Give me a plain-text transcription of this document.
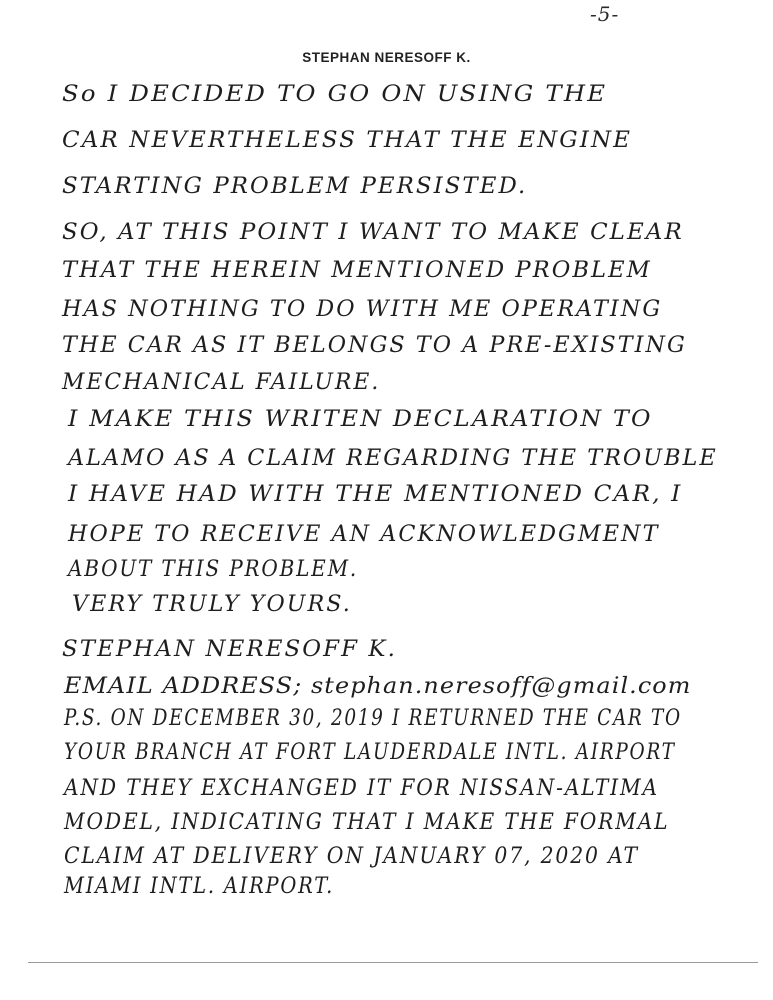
-5-
STEPHAN NERESOFF K.
So I DECIDED TO GO ON USING THE
CAR NEVERTHELESS THAT THE ENGINE
STARTING PROBLEM PERSISTED.
SO, AT THIS POINT I WANT TO MAKE CLEAR
THAT THE HEREIN MENTIONED PROBLEM
HAS NOTHING TO DO WITH ME OPERATING
THE CAR AS IT BELONGS TO A PRE-EXISTING
MECHANICAL FAILURE.
I MAKE THIS WRITEN DECLARATION TO
ALAMO AS A CLAIM REGARDING THE TROUBLE
I HAVE HAD WITH THE MENTIONED CAR, I
HOPE TO RECEIVE AN ACKNOWLEDGMENT
ABOUT THIS PROBLEM.
VERY TRULY YOURS.
STEPHAN NERESOFF K.
EMAIL ADDRESS; stephan.neresoff@gmail.com
P.S. ON DECEMBER 30, 2019 I RETURNED THE CAR TO
YOUR BRANCH AT FORT LAUDERDALE INTL. AIRPORT
AND THEY EXCHANGED IT FOR NISSAN-ALTIMA
MODEL, INDICATING THAT I MAKE THE FORMAL
CLAIM AT DELIVERY ON JANUARY 07, 2020 AT
MIAMI INTL. AIRPORT.
